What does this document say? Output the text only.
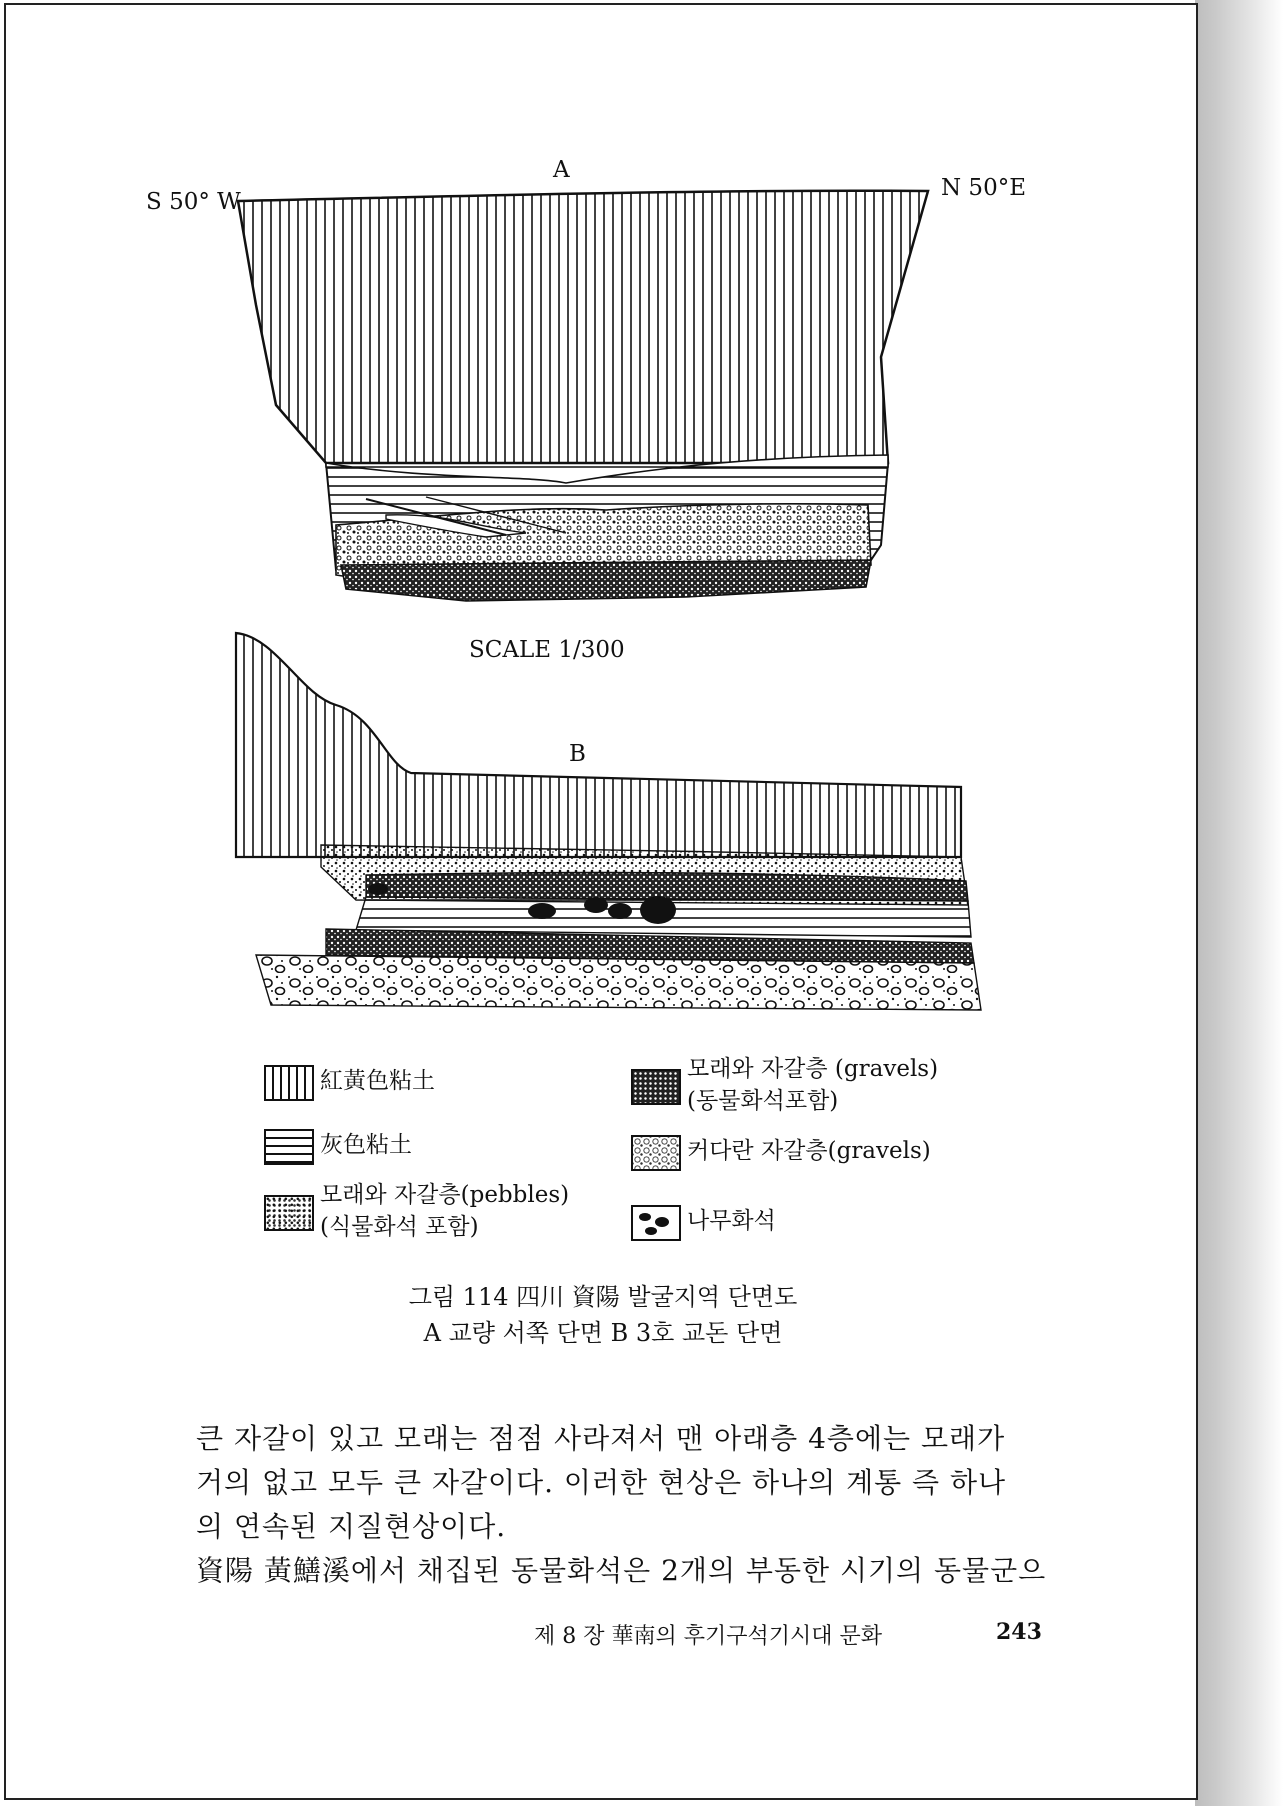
A
S 50° W
N 50°E
SCALE 1/300
B
紅黃色粘土
灰色粘土
모래와 자갈층(pebbles)
(식물화석 포함)
모래와 자갈층 (gravels)
(동물화석포함)
커다란 자갈층(gravels)
나무화석
그림 114 四川 資陽 발굴지역 단면도
A 교량 서쪽 단면 B 3호 교돈 단면
큰 자갈이 있고 모래는 점점 사라져서 맨 아래층 4층에는 모래가
거의 없고 모두 큰 자갈이다. 이러한 현상은 하나의 계통 즉 하나
의 연속된 지질현상이다.
資陽 黃鱔溪에서 채집된 동물화석은 2개의 부동한 시기의 동물군으
제 8 장 華南의 후기구석기시대 문화	243
